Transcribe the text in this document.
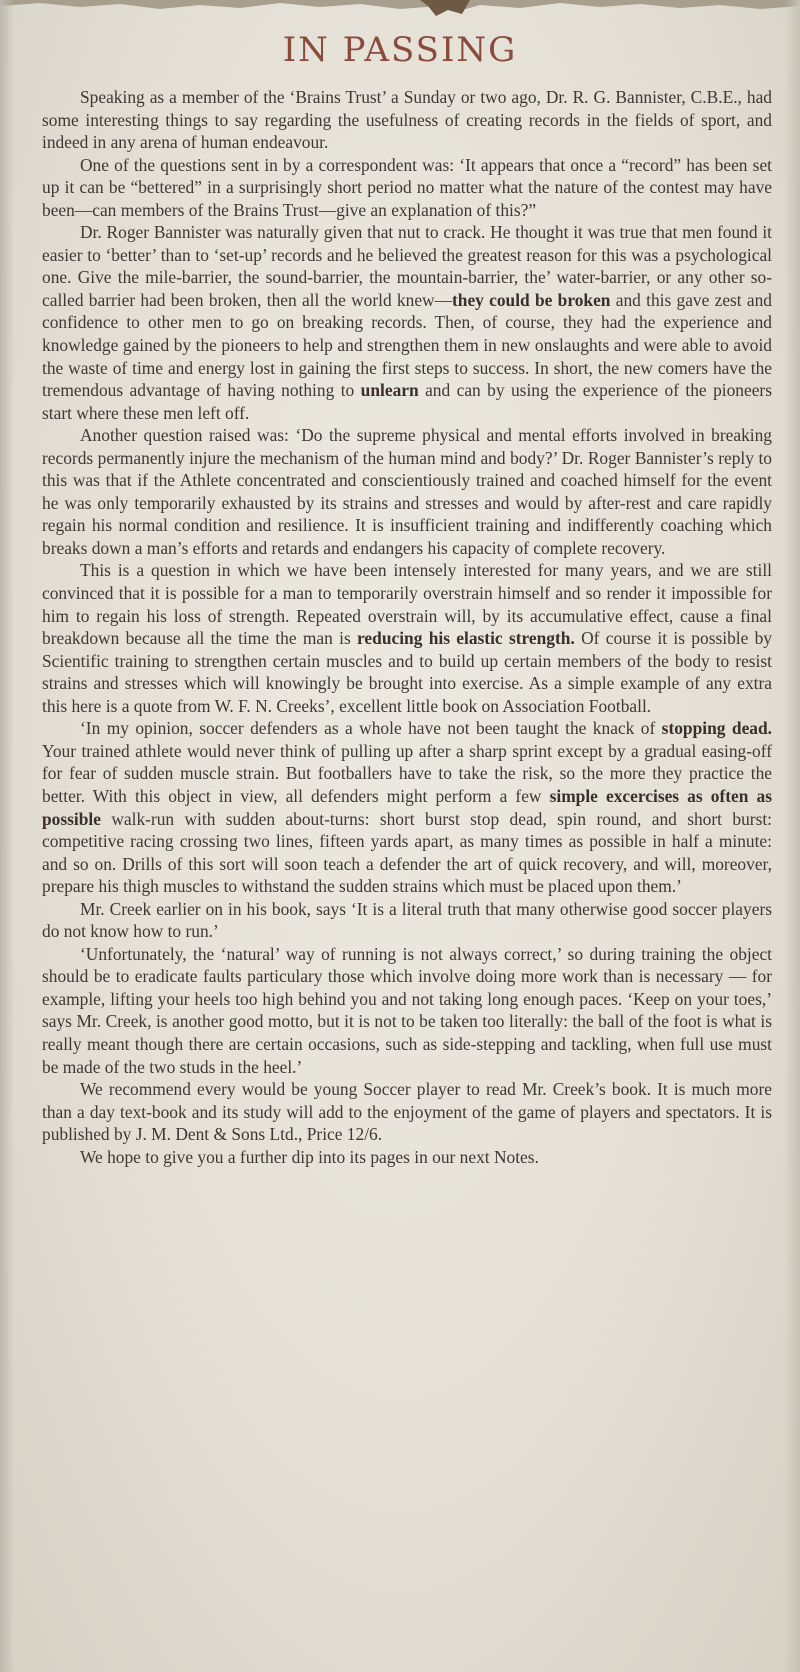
IN PASSING

Speaking as a member of the ‘Brains Trust’ a Sunday or two ago, Dr. R. G. Bannister, C.B.E., had some interesting things to say regarding the usefulness of creating records in the fields of sport, and indeed in any arena of human endeavour.

One of the questions sent in by a correspondent was: ‘It appears that once a “record” has been set up it can be “bettered” in a surprisingly short period no matter what the nature of the contest may have been—can members of the Brains Trust—give an explanation of this?”

Dr. Roger Bannister was naturally given that nut to crack. He thought it was true that men found it easier to ‘better’ than to ‘set-up’ records and he believed the greatest reason for this was a psychological one. Give the mile-barrier, the sound-barrier, the mountain-barrier, the’ water-barrier, or any other so-called barrier had been broken, then all the world knew—they could be broken and this gave zest and confidence to other men to go on breaking records. Then, of course, they had the experience and knowledge gained by the pioneers to help and strengthen them in new onslaughts and were able to avoid the waste of time and energy lost in gaining the first steps to success. In short, the new comers have the tremendous advantage of having nothing to unlearn and can by using the experience of the pioneers start where these men left off.

Another question raised was: ‘Do the supreme physical and mental efforts involved in breaking records permanently injure the mechanism of the human mind and body?’ Dr. Roger Bannister’s reply to this was that if the Athlete concentrated and conscientiously trained and coached himself for the event he was only temporarily exhausted by its strains and stresses and would by after-rest and care rapidly regain his normal condition and resilience. It is insufficient training and indifferently coaching which breaks down a man’s efforts and retards and endangers his capacity of complete recovery.

This is a question in which we have been intensely interested for many years, and we are still convinced that it is possible for a man to temporarily overstrain himself and so render it impossible for him to regain his loss of strength. Repeated overstrain will, by its accumulative effect, cause a final breakdown because all the time the man is reducing his elastic strength. Of course it is possible by Scientific training to strengthen certain muscles and to build up certain members of the body to resist strains and stresses which will knowingly be brought into exercise. As a simple example of any extra this here is a quote from W. F. N. Creeks’, excellent little book on Association Football.

‘In my opinion, soccer defenders as a whole have not been taught the knack of stopping dead. Your trained athlete would never think of pulling up after a sharp sprint except by a gradual easing-off for fear of sudden muscle strain. But footballers have to take the risk, so the more they practice the better. With this object in view, all defenders might perform a few simple excercises as often as possible walk-run with sudden about-turns: short burst stop dead, spin round, and short burst: competitive racing crossing two lines, fifteen yards apart, as many times as possible in half a minute: and so on. Drills of this sort will soon teach a defender the art of quick recovery, and will, moreover, prepare his thigh muscles to withstand the sudden strains which must be placed upon them.’

Mr. Creek earlier on in his book, says ‘It is a literal truth that many otherwise good soccer players do not know how to run.’

‘Unfortunately, the ‘natural’ way of running is not always correct,’ so during training the object should be to eradicate faults particulary those which involve doing more work than is necessary — for example, lifting your heels too high behind you and not taking long enough paces. ‘Keep on your toes,’ says Mr. Creek, is another good motto, but it is not to be taken too literally: the ball of the foot is what is really meant though there are certain occasions, such as side-stepping and tackling, when full use must be made of the two studs in the heel.’

We recommend every would be young Soccer player to read Mr. Creek’s book. It is much more than a day text-book and its study will add to the enjoyment of the game of players and spectators. It is published by J. M. Dent & Sons Ltd., Price 12/6.

We hope to give you a further dip into its pages in our next Notes.
